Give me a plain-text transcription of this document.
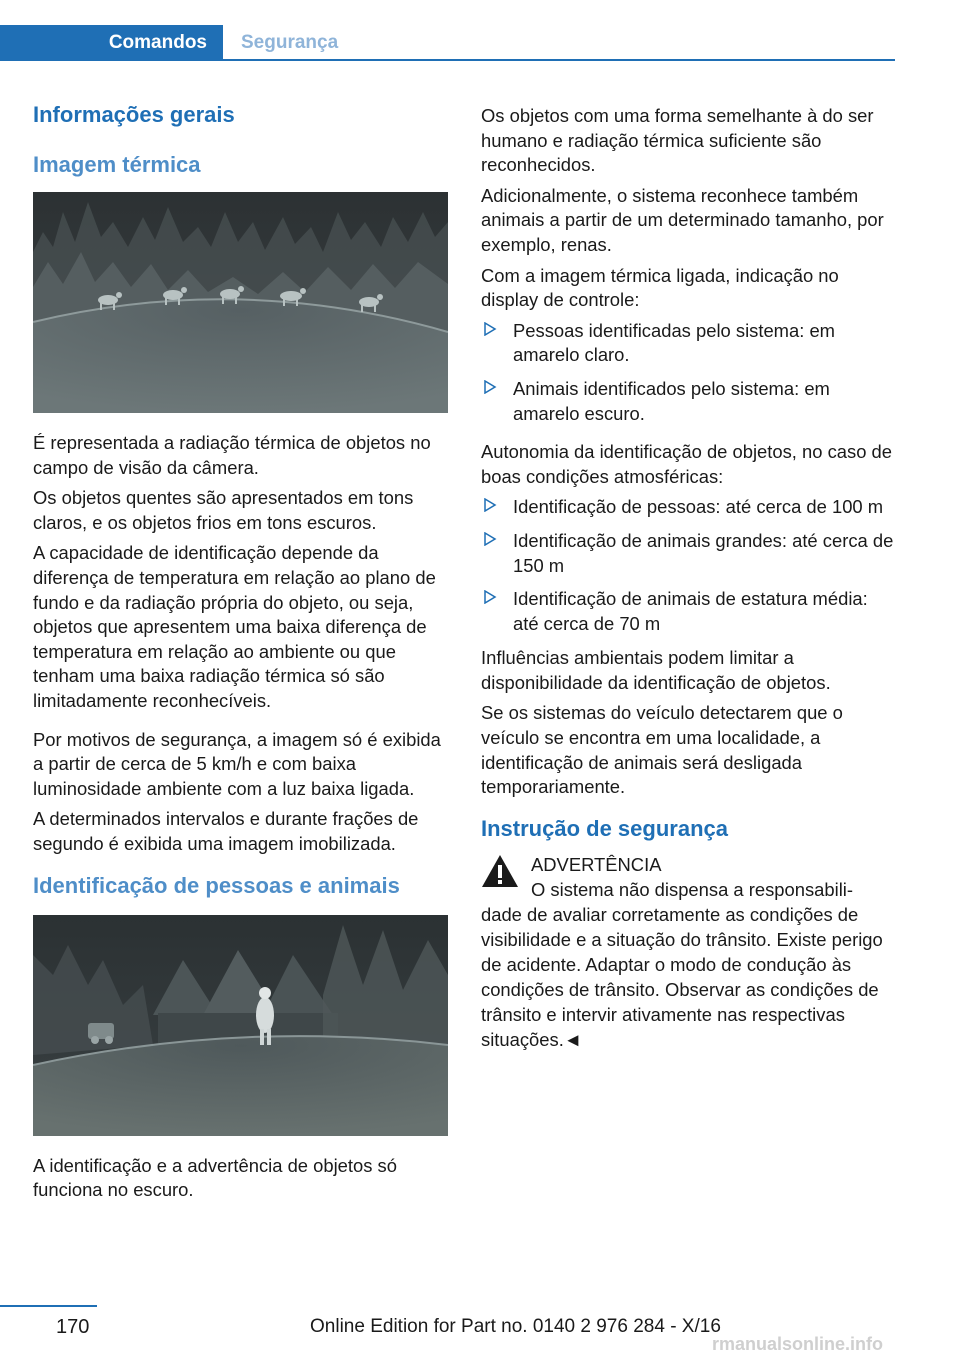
Comandos	Segurança
Informações gerais
Imagem térmica

É representada a radiação térmica de objetos no campo de visão da câmera.

Os objetos quentes são apresentados em tons claros, e os objetos frios em tons escuros.

A capacidade de identificação depende da diferença de temperatura em relação ao plano de fundo e da radiação própria do objeto, ou seja, objetos que apresentem uma baixa diferença de temperatura em relação ao ambiente ou que tenham uma baixa radiação térmica só são limitadamente reconhecíveis.

Por motivos de segurança, a imagem só é exibida a partir de cerca de 5 km/h e com baixa luminosidade ambiente com a luz baixa ligada.

A determinados intervalos e durante frações de segundo é exibida uma imagem imobilizada.

Identificação de pessoas e animais

A identificação e a advertência de objetos só funciona no escuro.

Os objetos com uma forma semelhante à do ser humano e radiação térmica suficiente são reconhecidos.

Adicionalmente, o sistema reconhece também animais a partir de um determinado tamanho, por exemplo, renas.

Com a imagem térmica ligada, indicação no display de controle:

Pessoas identificadas pelo sistema: em amarelo claro.
Animais identificados pelo sistema: em amarelo escuro.

Autonomia da identificação de objetos, no caso de boas condições atmosféricas:

Identificação de pessoas: até cerca de 100 m
Identificação de animais grandes: até cerca de 150 m
Identificação de animais de estatura média: até cerca de 70 m

Influências ambientais podem limitar a disponibilidade da identificação de objetos.

Se os sistemas do veículo detectarem que o veículo se encontra em uma localidade, a identificação de animais será desligada temporariamente.

Instrução de segurança
ADVERTÊNCIA
O sistema não dispensa a responsabili-
dade de avaliar corretamente as condições de visibilidade e a situação do trânsito. Existe perigo de acidente. Adaptar o modo de condução às condições de trânsito. Observar as condições de trânsito e intervir ativamente nas respectivas situações.◄
170	Online Edition for Part no. 0140 2 976 284 - X/16
rmanualsonline.info
